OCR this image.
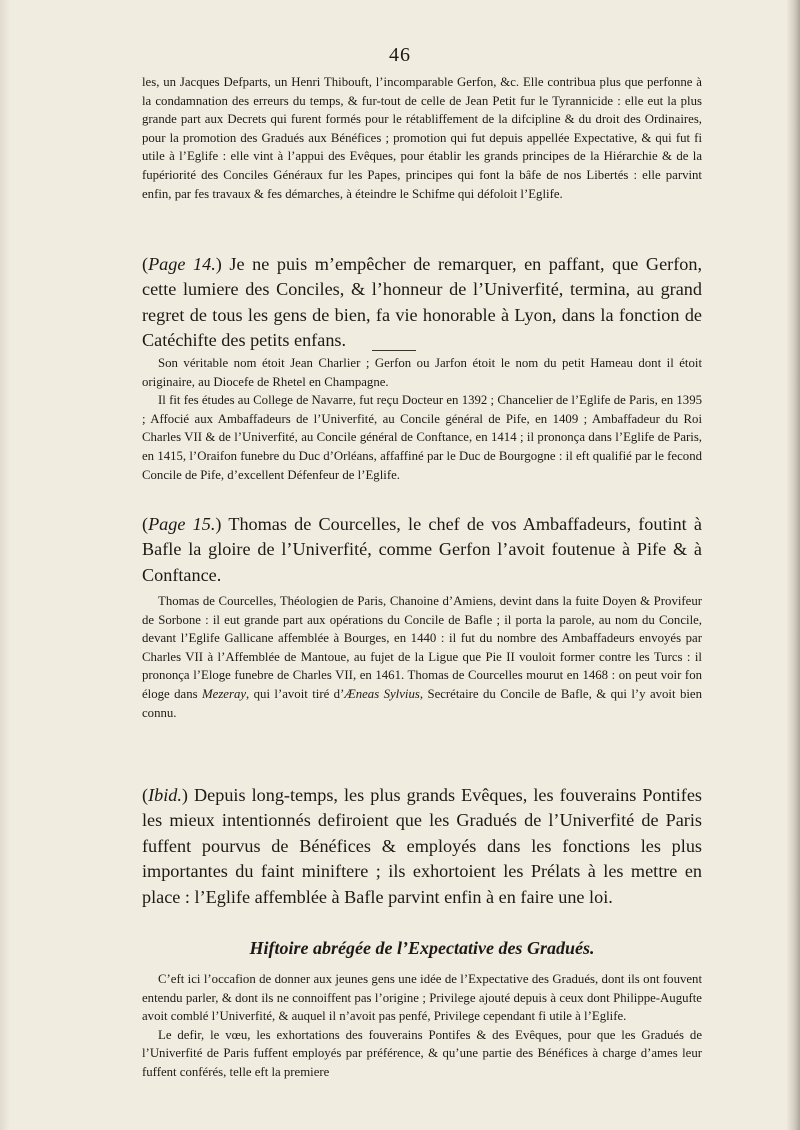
46

les, un Jacques Defparts, un Henri Thibouft, l’incomparable Gerfon, &c. Elle contribua plus que perfonne à la condamnation des erreurs du temps, & fur-tout de celle de Jean Petit fur le Tyrannicide : elle eut la plus grande part aux Decrets qui furent formés pour le rétabliffement de la difcipline & du droit des Ordinaires, pour la promotion des Gradués aux Bénéfices ; promotion qui fut depuis appellée Expectative, & qui fut fi utile à l’Eglife : elle vint à l’appui des Evêques, pour établir les grands principes de la Hiérarchie & de la fupériorité des Conciles Généraux fur les Papes, principes qui font la bâfe de nos Libertés : elle parvint enfin, par fes travaux & fes démarches, à éteindre le Schifme qui défoloit l’Eglife.

(Page 14.) Je ne puis m’empêcher de remarquer, en paffant, que Gerfon, cette lumiere des Conciles, & l’honneur de l’Univerfité, termina, au grand regret de tous les gens de bien, fa vie honorable à Lyon, dans la fonction de Catéchifte des petits enfans.

Son véritable nom étoit Jean Charlier ; Gerfon ou Jarfon étoit le nom du petit Hameau dont il étoit originaire, au Diocefe de Rhetel en Champagne.

Il fit fes études au College de Navarre, fut reçu Docteur en 1392 ; Chancelier de l’Eglife de Paris, en 1395 ; Affocié aux Ambaffadeurs de l’Univerfité, au Concile général de Pife, en 1409 ; Ambaffadeur du Roi Charles VII & de l’Univerfité, au Concile général de Conftance, en 1414 ; il prononça dans l’Eglife de Paris, en 1415, l’Oraifon funebre du Duc d’Orléans, affaffiné par le Duc de Bourgogne : il eft qualifié par le fecond Concile de Pife, d’excellent Défenfeur de l’Eglife.

(Page 15.) Thomas de Courcelles, le chef de vos Ambaffadeurs, foutint à Bafle la gloire de l’Univerfité, comme Gerfon l’avoit foutenue à Pife & à Conftance.

Thomas de Courcelles, Théologien de Paris, Chanoine d’Amiens, devint dans la fuite Doyen & Provifeur de Sorbone : il eut grande part aux opérations du Concile de Bafle ; il porta la parole, au nom du Concile, devant l’Eglife Gallicane affemblée à Bourges, en 1440 : il fut du nombre des Ambaffadeurs envoyés par Charles VII à l’Affemblée de Mantoue, au fujet de la Ligue que Pie II vouloit former contre les Turcs : il prononça l’Eloge funebre de Charles VII, en 1461. Thomas de Courcelles mourut en 1468 : on peut voir fon éloge dans Mezeray, qui l’avoit tiré d’Æneas Sylvius, Secrétaire du Concile de Bafle, & qui l’y avoit bien connu.

(Ibid.) Depuis long-temps, les plus grands Evêques, les fouverains Pontifes les mieux intentionnés defiroient que les Gradués de l’Univerfité de Paris fuffent pourvus de Bénéfices & employés dans les fonctions les plus importantes du faint miniftere ; ils exhortoient les Prélats à les mettre en place : l’Eglife affemblée à Bafle parvint enfin à en faire une loi.

Hiftoire abrégée de l’Expectative des Gradués.

C’eft ici l’occafion de donner aux jeunes gens une idée de l’Expectative des Gradués, dont ils ont fouvent entendu parler, & dont ils ne connoiffent pas l’origine ; Privilege ajouté depuis à ceux dont Philippe-Augufte avoit comblé l’Univerfité, & auquel il n’avoit pas penfé, Privilege cependant fi utile à l’Eglife.

Le defir, le vœu, les exhortations des fouverains Pontifes & des Evêques, pour que les Gradués de l’Univerfité de Paris fuffent employés par préférence, & qu’une partie des Bénéfices à charge d’ames leur fuffent conférés, telle eft la premiere
